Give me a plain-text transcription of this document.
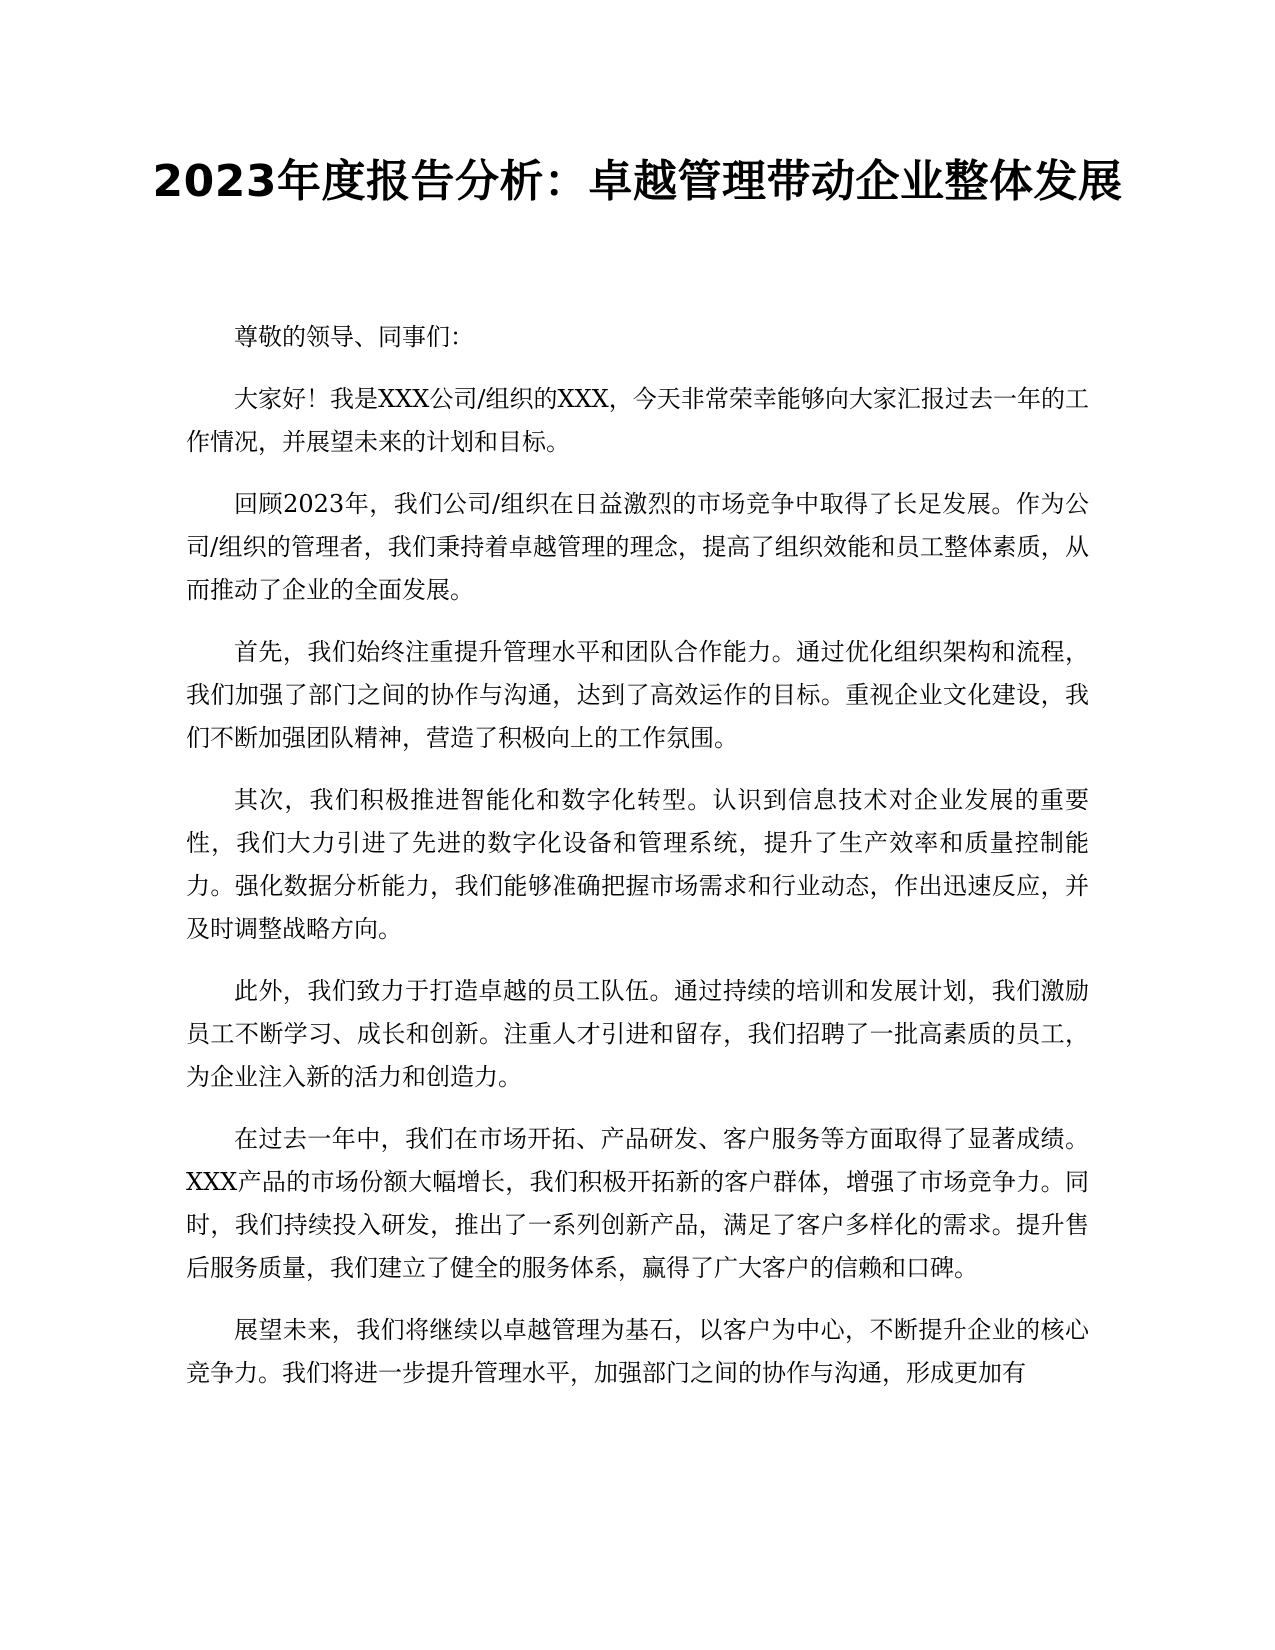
2023年度报告分析：卓越管理带动企业整体发展

尊敬的领导、同事们：

大家好！我是XXX公司/组织的XXX，今天非常荣幸能够向大家汇报过去一年的工作情况，并展望未来的计划和目标。

回顾2023年，我们公司/组织在日益激烈的市场竞争中取得了长足发展。作为公司/组织的管理者，我们秉持着卓越管理的理念，提高了组织效能和员工整体素质，从而推动了企业的全面发展。

首先，我们始终注重提升管理水平和团队合作能力。通过优化组织架构和流程，我们加强了部门之间的协作与沟通，达到了高效运作的目标。重视企业文化建设，我们不断加强团队精神，营造了积极向上的工作氛围。

其次，我们积极推进智能化和数字化转型。认识到信息技术对企业发展的重要性，我们大力引进了先进的数字化设备和管理系统，提升了生产效率和质量控制能力。强化数据分析能力，我们能够准确把握市场需求和行业动态，作出迅速反应，并及时调整战略方向。

此外，我们致力于打造卓越的员工队伍。通过持续的培训和发展计划，我们激励员工不断学习、成长和创新。注重人才引进和留存，我们招聘了一批高素质的员工，为企业注入新的活力和创造力。

在过去一年中，我们在市场开拓、产品研发、客户服务等方面取得了显著成绩。XXX产品的市场份额大幅增长，我们积极开拓新的客户群体，增强了市场竞争力。同时，我们持续投入研发，推出了一系列创新产品，满足了客户多样化的需求。提升售后服务质量，我们建立了健全的服务体系，赢得了广大客户的信赖和口碑。

展望未来，我们将继续以卓越管理为基石，以客户为中心，不断提升企业的核心竞争力。我们将进一步提升管理水平，加强部门之间的协作与沟通，形成更加有
